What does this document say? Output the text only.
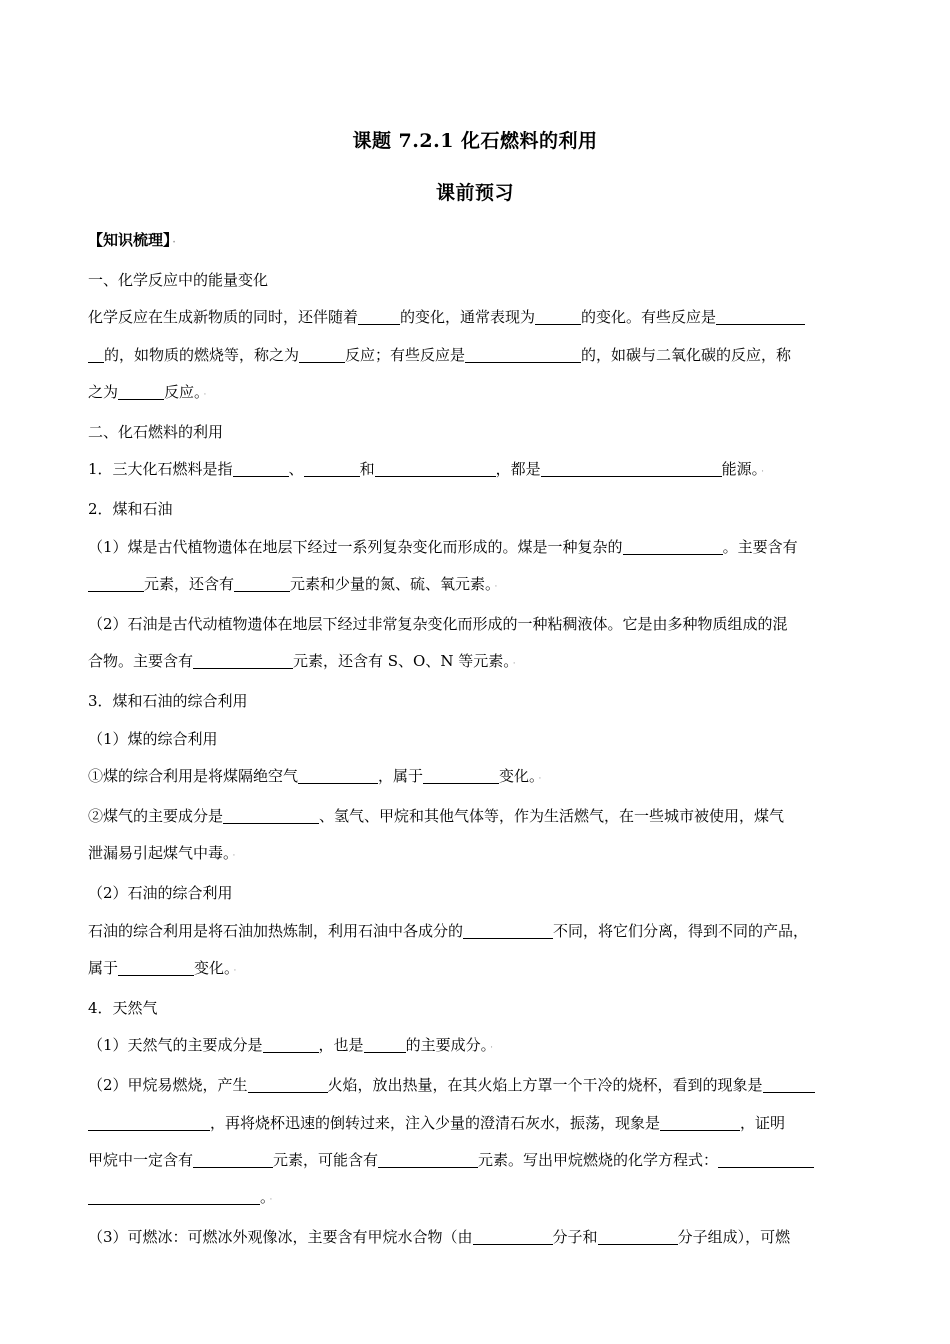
课题 7.2.1 化石燃料的利用
课前预习

【知识梳理】 ·

一、化学反应中的能量变化

化学反应在生成新物质的同时，还伴随着	的变化，通常表现为	的变化。有些反应是
的，如物质的燃烧等，称之为	反应；有些反应是	的，如碳与二氧化碳的反应，称
之为	反应。 ·

二、化石燃料的利用

1．三大化石燃料是指	、	和	，都是	能源。 ·

2．煤和石油

（1）煤是古代植物遗体在地层下经过一系列复杂变化而形成的。煤是一种复杂的	。主要含有
元素，还含有	元素和少量的氮、硫、氧元素。 ·

（2）石油是古代动植物遗体在地层下经过非常复杂变化而形成的一种粘稠液体。它是由多种物质组成的混
合物。主要含有	元素，还含有 S、O、N 等元素。 ·

3．煤和石油的综合利用

（1）煤的综合利用

①煤的综合利用是将煤隔绝空气	，属于	变化。 ·

②煤气的主要成分是	、氢气、甲烷和其他气体等，作为生活燃气，在一些城市被使用，煤气
泄漏易引起煤气中毒。 ·

（2）石油的综合利用

石油的综合利用是将石油加热炼制，利用石油中各成分的	不同，将它们分离，得到不同的产品，
属于	变化。 ·

4．天然气

（1）天然气的主要成分是	，也是	的主要成分。 ·

（2）甲烷易燃烧，产生	火焰，放出热量，在其火焰上方罩一个干冷的烧杯，看到的现象是
，再将烧杯迅速的倒转过来，注入少量的澄清石灰水，振荡，现象是	，证明
甲烷中一定含有	元素，可能含有	元素。写出甲烷燃烧的化学方程式：
。 ·

（3）可燃冰：可燃冰外观像冰，主要含有甲烷水合物（由	分子和	分子组成），可燃
